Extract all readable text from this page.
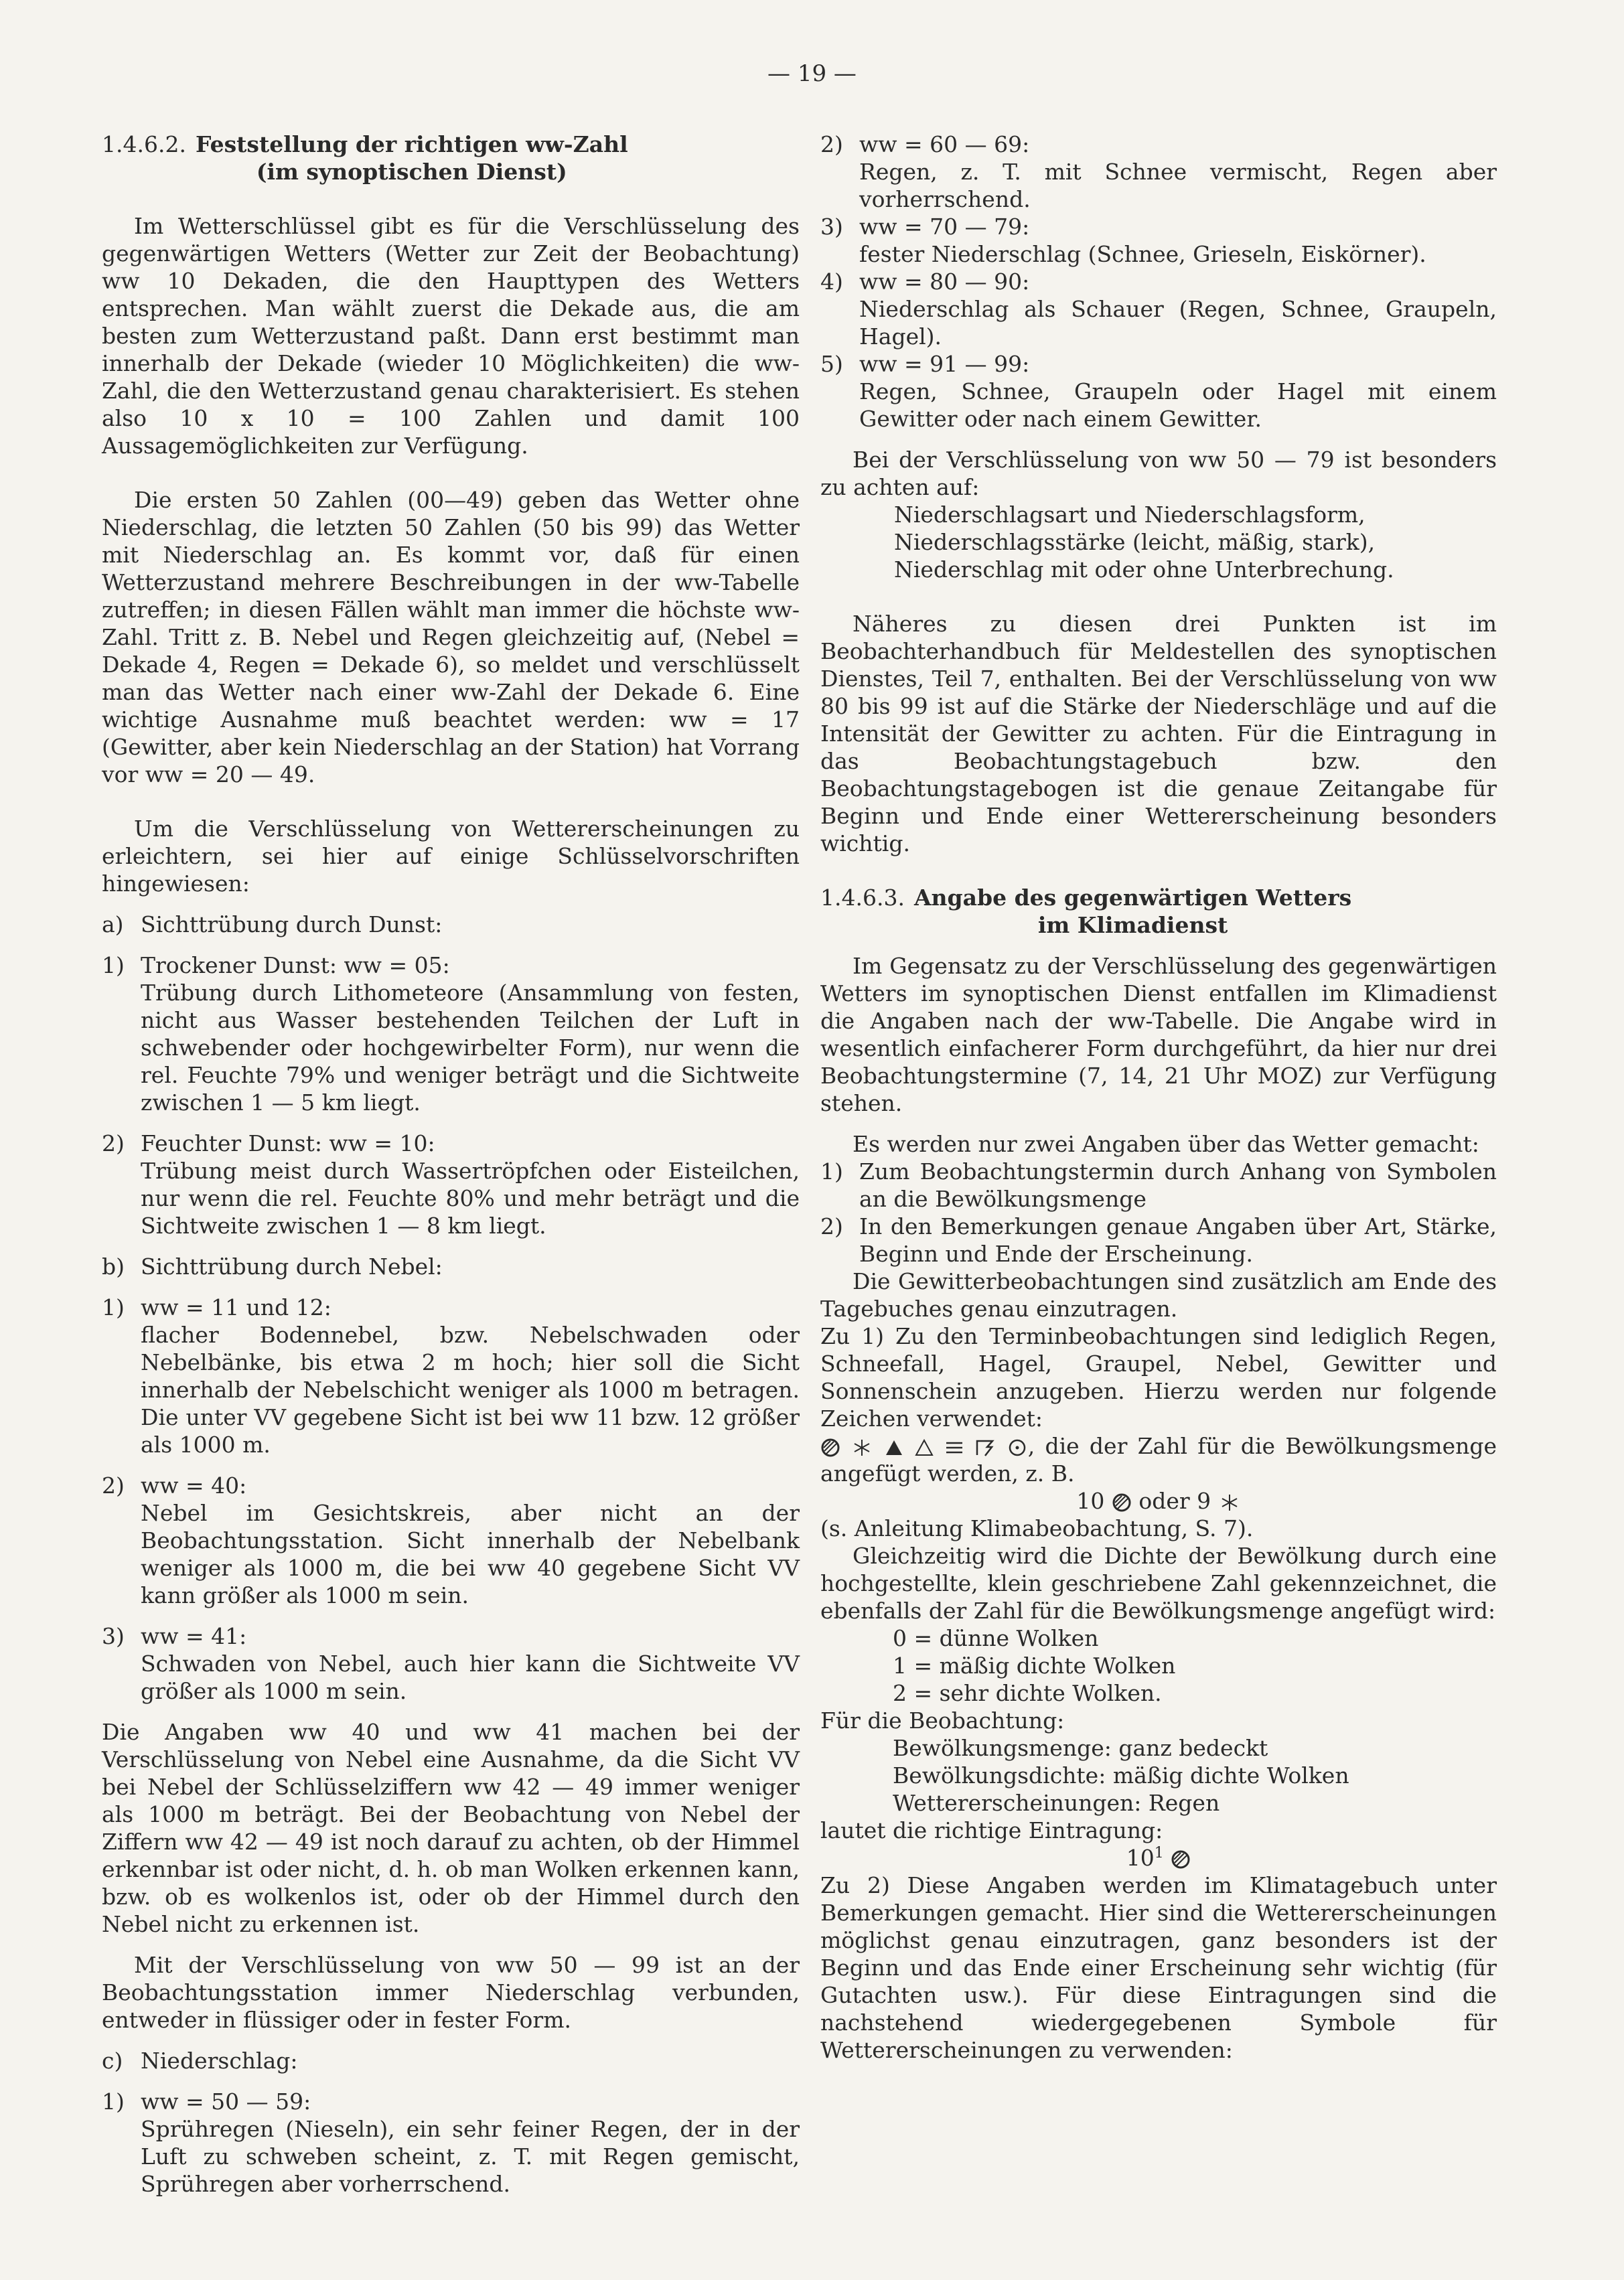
— 19 —
1.4.6.2. Feststellung der richtigen ww-Zahl
(im synoptischen Dienst)

Im Wetterschlüssel gibt es für die Verschlüsselung des gegenwärtigen Wetters (Wetter zur Zeit der Beobachtung) ww 10 Dekaden, die den Haupttypen des Wetters entsprechen. Man wählt zuerst die Dekade aus, die am besten zum Wetterzustand paßt. Dann erst bestimmt man innerhalb der Dekade (wieder 10 Möglichkeiten) die ww-Zahl, die den Wetterzustand genau charakterisiert. Es stehen also 10 x 10 = 100 Zahlen und damit 100 Aussagemöglichkeiten zur Verfügung.

Die ersten 50 Zahlen (00—49) geben das Wetter ohne Niederschlag, die letzten 50 Zahlen (50 bis 99) das Wetter mit Niederschlag an. Es kommt vor, daß für einen Wetterzustand mehrere Beschreibungen in der ww-Tabelle zutreffen; in diesen Fällen wählt man immer die höchste ww-Zahl. Tritt z. B. Nebel und Regen gleichzeitig auf, (Nebel = Dekade 4, Regen = Dekade 6), so meldet und verschlüsselt man das Wetter nach einer ww-Zahl der Dekade 6. Eine wichtige Ausnahme muß beachtet werden: ww = 17 (Gewitter, aber kein Niederschlag an der Station) hat Vorrang vor ww = 20 — 49.

Um die Verschlüsselung von Wettererscheinungen zu erleichtern, sei hier auf einige Schlüsselvorschriften hingewiesen:

a) Sichttrübung durch Dunst:
1) Trockener Dunst: ww = 05:
Trübung durch Lithometeore (Ansammlung von festen, nicht aus Wasser bestehenden Teilchen der Luft in schwebender oder hochgewirbelter Form), nur wenn die rel. Feuchte 79% und weniger beträgt und die Sichtweite zwischen 1 — 5 km liegt.
2) Feuchter Dunst: ww = 10:
Trübung meist durch Wassertröpfchen oder Eisteilchen, nur wenn die rel. Feuchte 80% und mehr beträgt und die Sichtweite zwischen 1 — 8 km liegt.
b) Sichttrübung durch Nebel:
1) ww = 11 und 12:
flacher Bodennebel, bzw. Nebelschwaden oder Nebelbänke, bis etwa 2 m hoch; hier soll die Sicht innerhalb der Nebelschicht weniger als 1000 m betragen. Die unter VV gegebene Sicht ist bei ww 11 bzw. 12 größer als 1000 m.
2) ww = 40:
Nebel im Gesichtskreis, aber nicht an der Beobachtungsstation. Sicht innerhalb der Nebelbank weniger als 1000 m, die bei ww 40 gegebene Sicht VV kann größer als 1000 m sein.
3) ww = 41:
Schwaden von Nebel, auch hier kann die Sichtweite VV größer als 1000 m sein.

Die Angaben ww 40 und ww 41 machen bei der Verschlüsselung von Nebel eine Ausnahme, da die Sicht VV bei Nebel der Schlüsselziffern ww 42 — 49 immer weniger als 1000 m beträgt. Bei der Beobachtung von Nebel der Ziffern ww 42 — 49 ist noch darauf zu achten, ob der Himmel erkennbar ist oder nicht, d. h. ob man Wolken erkennen kann, bzw. ob es wolkenlos ist, oder ob der Himmel durch den Nebel nicht zu erkennen ist.

Mit der Verschlüsselung von ww 50 — 99 ist an der Beobachtungsstation immer Niederschlag verbunden, entweder in flüssiger oder in fester Form.

c) Niederschlag:
1) ww = 50 — 59:
Sprühregen (Nieseln), ein sehr feiner Regen, der in der Luft zu schweben scheint, z. T. mit Regen gemischt, Sprühregen aber vorherrschend.
2) ww = 60 — 69:
Regen, z. T. mit Schnee vermischt, Regen aber vorherrschend.
3) ww = 70 — 79:
fester Niederschlag (Schnee, Grieseln, Eiskörner).
4) ww = 80 — 90:
Niederschlag als Schauer (Regen, Schnee, Graupeln, Hagel).
5) ww = 91 — 99:
Regen, Schnee, Graupeln oder Hagel mit einem Gewitter oder nach einem Gewitter.

Bei der Verschlüsselung von ww 50 — 79 ist besonders zu achten auf:

Niederschlagsart und Niederschlagsform,
Niederschlagsstärke (leicht, mäßig, stark),
Niederschlag mit oder ohne Unterbrechung.

Näheres zu diesen drei Punkten ist im Beobachterhandbuch für Meldestellen des synoptischen Dienstes, Teil 7, enthalten. Bei der Verschlüsselung von ww 80 bis 99 ist auf die Stärke der Niederschläge und auf die Intensität der Gewitter zu achten. Für die Eintragung in das Beobachtungstagebuch bzw. den Beobachtungstagebogen ist die genaue Zeitangabe für Beginn und Ende einer Wettererscheinung besonders wichtig.

1.4.6.3. Angabe des gegenwärtigen Wetters
im Klimadienst

Im Gegensatz zu der Verschlüsselung des gegenwärtigen Wetters im synoptischen Dienst entfallen im Klimadienst die Angaben nach der ww-Tabelle. Die Angabe wird in wesentlich einfacherer Form durchgeführt, da hier nur drei Beobachtungstermine (7, 14, 21 Uhr MOZ) zur Verfügung stehen.

Es werden nur zwei Angaben über das Wetter gemacht:

1) Zum Beobachtungstermin durch Anhang von Symbolen an die Bewölkungsmenge
2) In den Bemerkungen genaue Angaben über Art, Stärke, Beginn und Ende der Erscheinung.

Die Gewitterbeobachtungen sind zusätzlich am Ende des Tagebuches genau einzutragen.

Zu 1) Zu den Terminbeobachtungen sind lediglich Regen, Schneefall, Hagel, Graupel, Nebel, Gewitter und Sonnenschein anzugeben. Hierzu werden nur folgende Zeichen verwendet:

, die der Zahl für die Bewölkungsmenge angefügt werden, z. B.

10 oder 9

(s. Anleitung Klimabeobachtung, S. 7).

Gleichzeitig wird die Dichte der Bewölkung durch eine hochgestellte, klein geschriebene Zahl gekennzeichnet, die ebenfalls der Zahl für die Bewölkungsmenge angefügt wird:

0 = dünne Wolken
1 = mäßig dichte Wolken
2 = sehr dichte Wolken.

Für die Beobachtung:

Bewölkungsmenge: ganz bedeckt
Bewölkungsdichte: mäßig dichte Wolken
Wettererscheinungen: Regen

lautet die richtige Eintragung:

$10^1$

Zu 2) Diese Angaben werden im Klimatagebuch unter Bemerkungen gemacht. Hier sind die Wettererscheinungen möglichst genau einzutragen, ganz besonders ist der Beginn und das Ende einer Erscheinung sehr wichtig (für Gutachten usw.). Für diese Eintragungen sind die nachstehend wiedergegebenen Symbole für Wettererscheinungen zu verwenden:
